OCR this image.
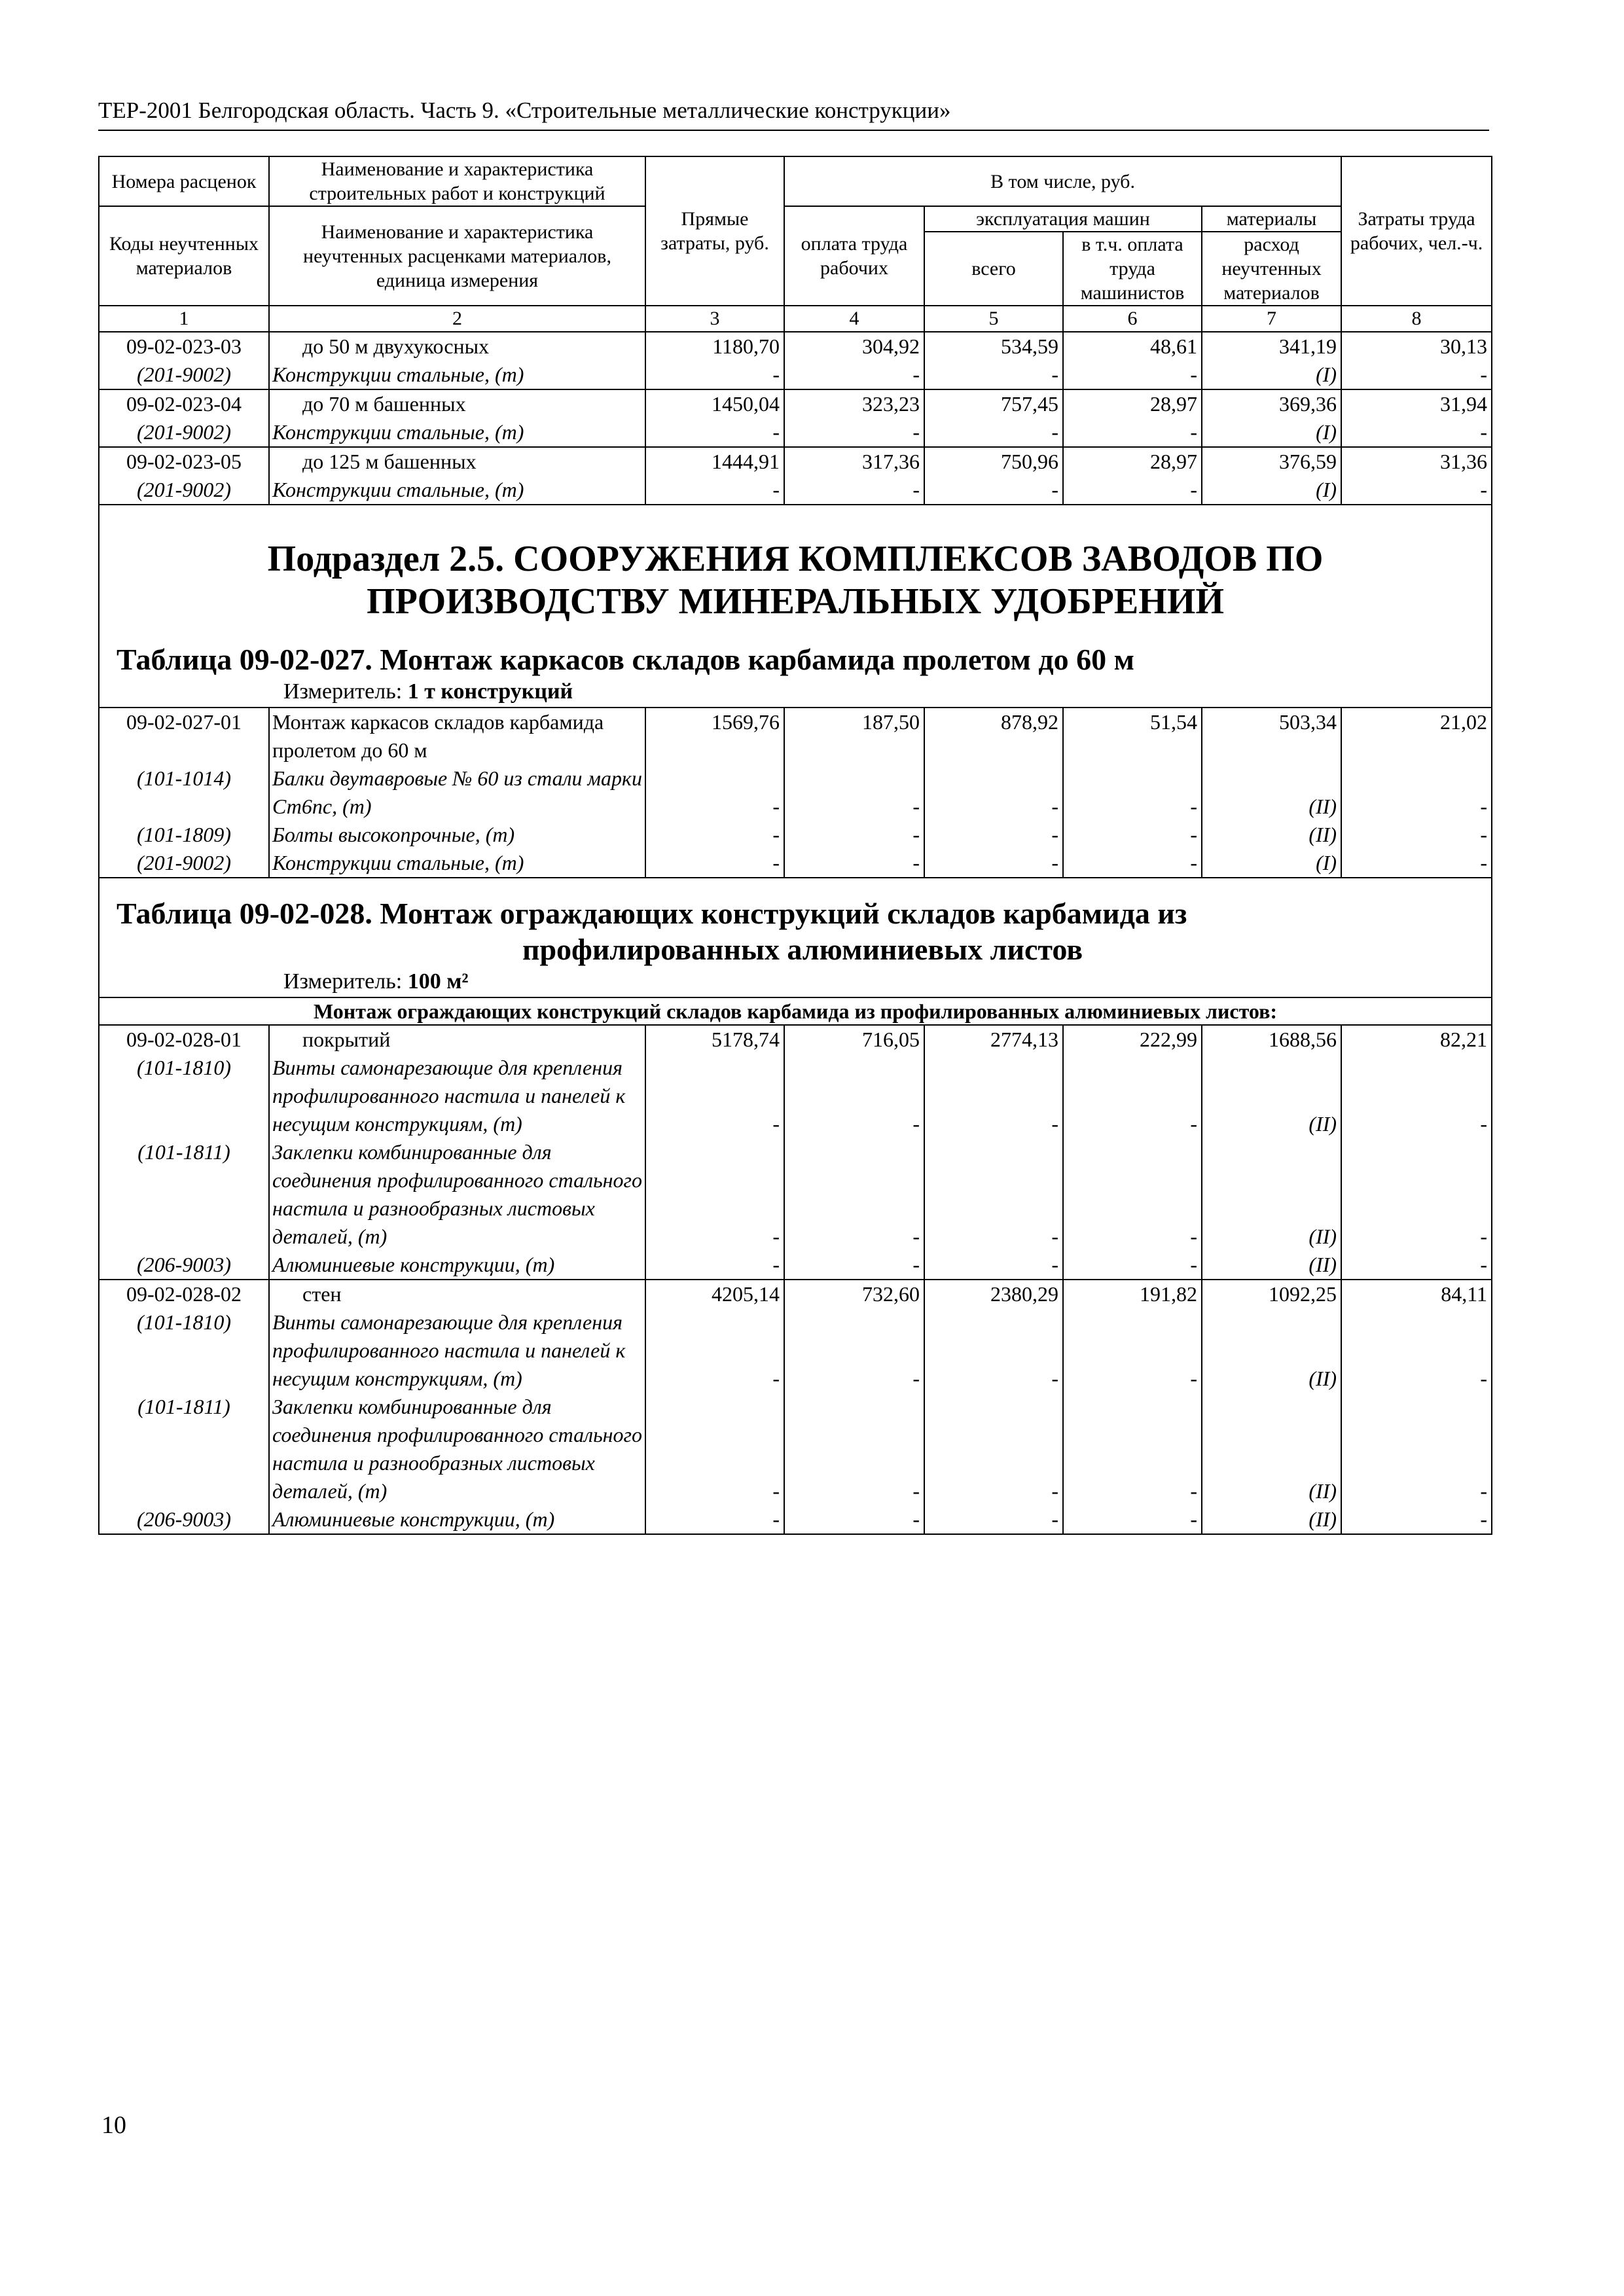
ТЕР-2001 Белгородская область. Часть 9. «Строительные металлические конструкции»
Номера расценок	Наименование и характеристика строительных работ и конструкций	Прямые затраты, руб.	В том числе, руб.				Затраты труда рабочих, чел.-ч.
Коды неучтенных материалов	Наименование и характеристика неучтенных расценками материалов, единица измерения		оплата труда рабочих	эксплуатация машин		материалы	
				всего	в т.ч. оплата труда машинистов	расход неучтенных материалов	
1	2	3	4	5	6	7	8
09-02-023-03	до 50 м двухукосных	1180,70	304,92	534,59	48,61	341,19	30,13
(201-9002)	Конструкции стальные, (т)	-	-	-	-	(I)	-
09-02-023-04	до 70 м башенных	1450,04	323,23	757,45	28,97	369,36	31,94
(201-9002)	Конструкции стальные, (т)	-	-	-	-	(I)	-
09-02-023-05	до 125 м башенных	1444,91	317,36	750,96	28,97	376,59	31,36
(201-9002)	Конструкции стальные, (т)	-	-	-	-	(I)	-

Подраздел 2.5. СООРУЖЕНИЯ КОМПЛЕКСОВ ЗАВОДОВ ПО
ПРОИЗВОДСТВУ МИНЕРАЛЬНЫХ УДОБРЕНИЙ
Таблица 09-02-027. Монтаж каркасов складов карбамида пролетом до 60 м
Измеритель: 1 т конструкций							

09-02-027-01	Монтаж каркасов складов карбамида пролетом до 60 м	1569,76	187,50	878,92	51,54	503,34	21,02
(101-1014)	Балки двутавровые № 60 из стали марки Ст6пс, (т)	-	-	-	-	(II)	-
(101-1809)	Болты высокопрочные, (т)	-	-	-	-	(II)	-
(201-9002)	Конструкции стальные, (т)	-	-	-	-	(I)	-

Таблица 09-02-028. Монтаж ограждающих конструкций складов карбамида из
профилированных алюминиевых листов
Измеритель: 100 м²							

Монтаж ограждающих конструкций складов карбамида из профилированных алюминиевых листов:							
09-02-028-01	покрытий	5178,74	716,05	2774,13	222,99	1688,56	82,21
(101-1810)	Винты самонарезающие для крепления профилированного настила и панелей к несущим конструкциям, (т)	-	-	-	-	(II)	-
(101-1811)	Заклепки комбинированные для соединения профилированного стального настила и разнообразных листовых деталей, (т)	-	-	-	-	(II)	-
(206-9003)	Алюминиевые конструкции, (т)	-	-	-	-	(II)	-
09-02-028-02	стен	4205,14	732,60	2380,29	191,82	1092,25	84,11
(101-1810)	Винты самонарезающие для крепления профилированного настила и панелей к несущим конструкциям, (т)	-	-	-	-	(II)	-
(101-1811)	Заклепки комбинированные для соединения профилированного стального настила и разнообразных листовых деталей, (т)	-	-	-	-	(II)	-
(206-9003)	Алюминиевые конструкции, (т)	-	-	-	-	(II)	-
10
